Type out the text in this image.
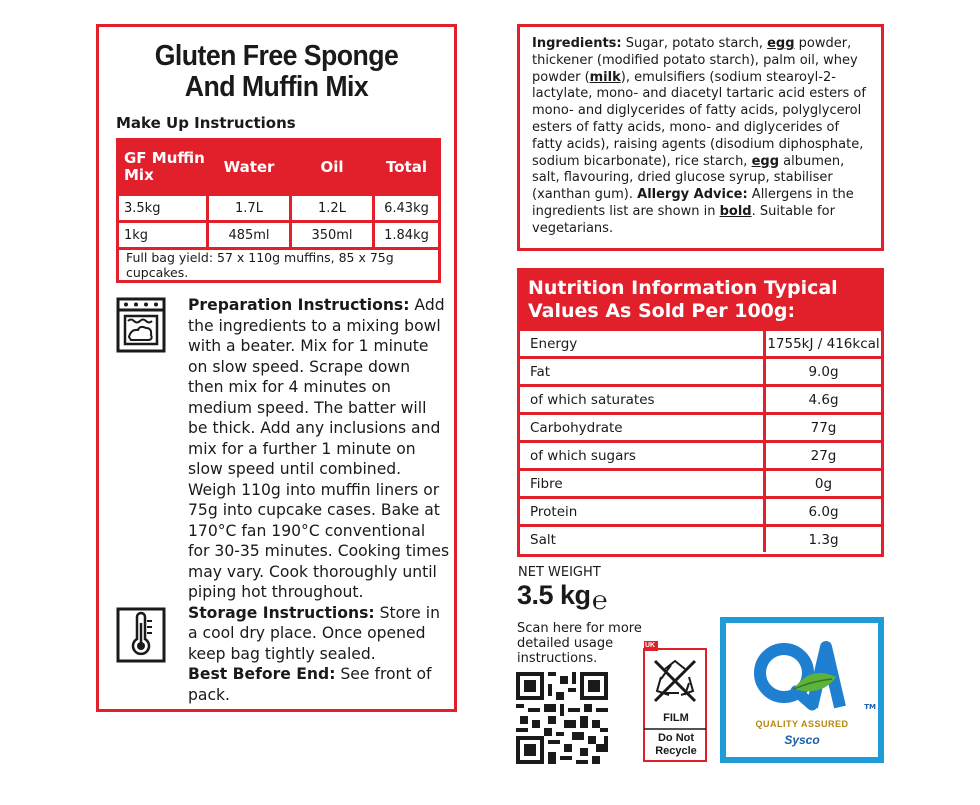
Gluten Free Sponge
And Muffin Mix
Make Up Instructions
GF Muffin Mix	Water	Oil	Total
3.5kg	1.7L	1.2L	6.43kg
1kg	485ml	350ml	1.84kg
Full bag yield: 57 x 110g muffins, 85 x 75g cupcakes.			
Preparation Instructions: Add the ingredients to a mixing bowl with a beater. Mix for 1 minute on slow speed. Scrape down then mix for 4 minutes on medium speed. The batter will be thick. Add any inclusions and mix for a further 1 minute on slow speed until combined. Weigh 110g into muffin liners or 75g into cupcake cases. Bake at 170°C fan 190°C conventional for 30-35 minutes. Cooking times may vary. Cook thoroughly until piping hot throughout.
Storage Instructions: Store in a cool dry place. Once opened keep bag tightly sealed.
Best Before End: See front of pack.
Ingredients: Sugar, potato starch, egg powder, thickener (modified potato starch), palm oil, whey powder (milk), emulsifiers (sodium stearoyl-2-lactylate, mono- and diacetyl tartaric acid esters of mono- and diglycerides of fatty acids, polyglycerol esters of fatty acids, mono- and diglycerides of fatty acids), raising agents (disodium diphosphate, sodium bicarbonate), rice starch, egg albumen, salt, flavouring, dried glucose syrup, stabiliser (xanthan gum). Allergy Advice: Allergens in the ingredients list are shown in bold. Suitable for vegetarians.
Nutrition Information Typical
Values As Sold Per 100g:
Energy	1755kJ / 416kcal
Fat	9.0g
of which saturates	4.6g
Carbohydrate	77g
of which sugars	27g
Fibre	0g
Protein	6.0g
Salt	1.3g
NET WEIGHT
3.5 kg ℮
Scan here for more detailed usage instructions.
UK
FILM
Do Not
Recycle
TM
QUALITY ASSURED
Sysco
